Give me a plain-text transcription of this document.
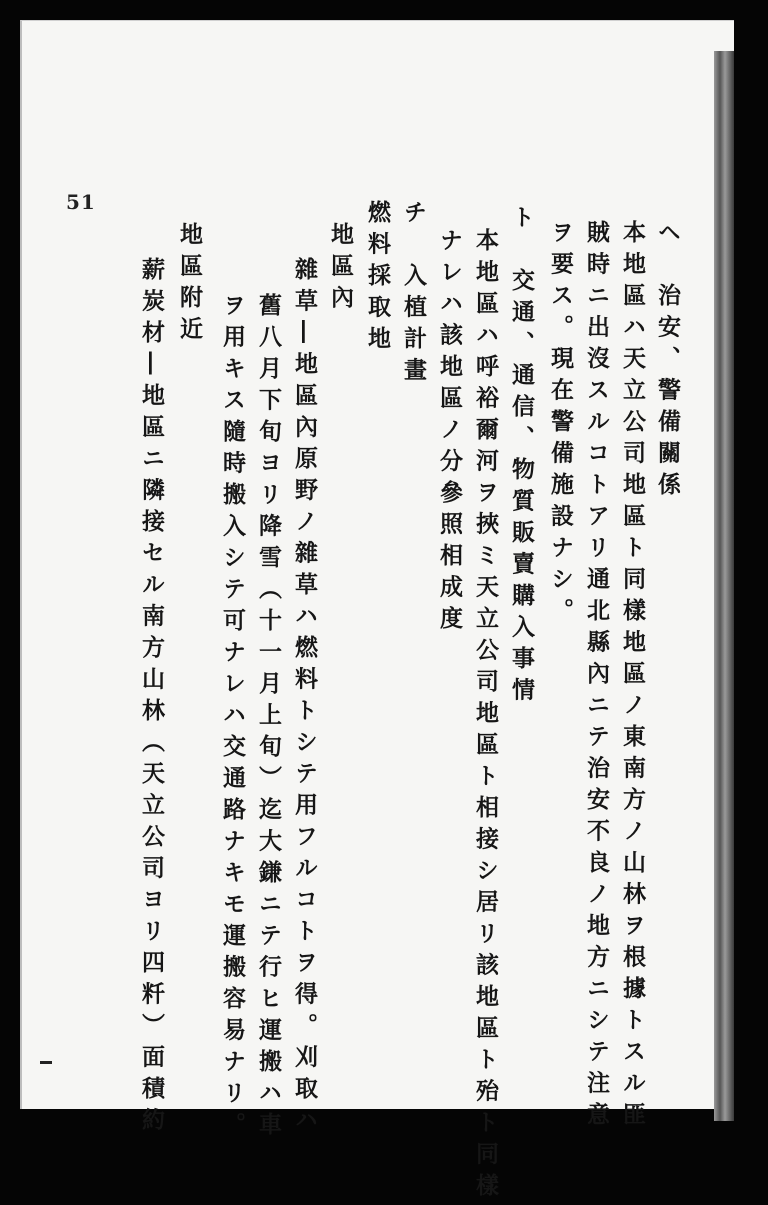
51
ヘ　治安、警備關係
本地區ハ天立公司地區ト同樣地區ノ東南方ノ山林ヲ根據トスル匪
賊時ニ出沒スルコトアリ通北縣內ニテ治安不良ノ地方ニシテ注意
ヲ要ス。現在警備施設ナシ。
ト　交通、通信、物質販賣購入事情
本地區ハ呼裕爾河ヲ挾ミ天立公司地區ト相接シ居リ該地區ト殆ト同樣
ナレハ該地區ノ分參照相成度
チ　入植計畫
燃料採取地
地區內
雜草―地區內原野ノ雜草ハ燃料トシテ用フルコトヲ得。刈取ハ
舊八月下旬ヨリ降雪（十一月上旬）迄大鎌ニテ行ヒ運搬ハ車
ヲ用キス隨時搬入シテ可ナレハ交通路ナキモ運搬容易ナリ。
地區附近
薪炭材―地區ニ隣接セル南方山林（天立公司ヨリ四粁）面積約
